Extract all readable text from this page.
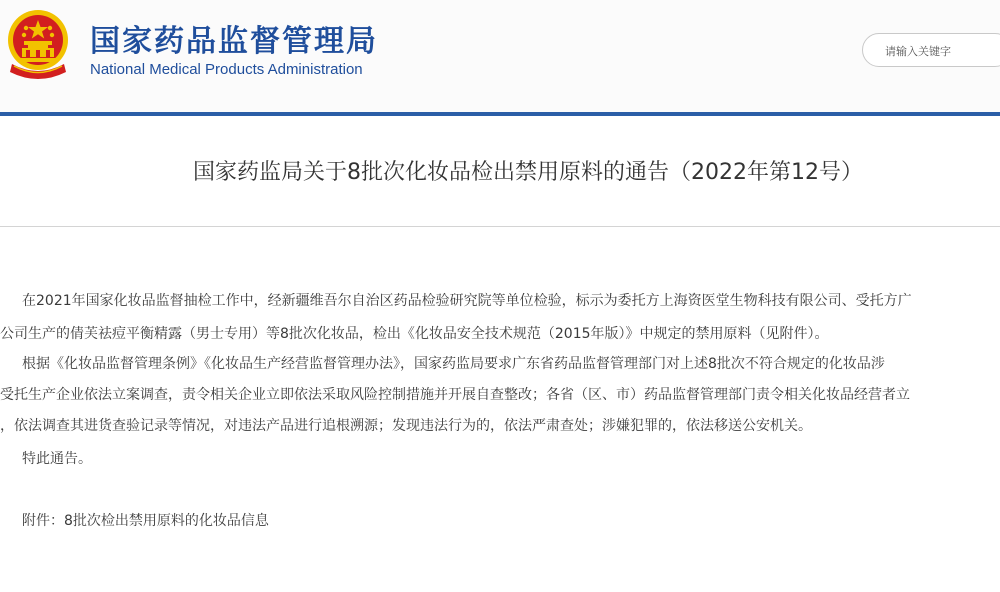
国家药品监督管理局
National Medical Products Administration
请输入关键字
国家药监局关于8批次化妆品检出禁用原料的通告（2022年第12号）
在2021年国家化妆品监督抽检工作中，经新疆维吾尔自治区药品检验研究院等单位检验，标示为委托方上海资医堂生物科技有限公司、受托方广
公司生产的倩芙祛痘平衡精露（男士专用）等8批次化妆品，检出《化妆品安全技术规范（2015年版）》中规定的禁用原料（见附件）。
根据《化妆品监督管理条例》《化妆品生产经营监督管理办法》，国家药监局要求广东省药品监督管理部门对上述8批次不符合规定的化妆品涉
受托生产企业依法立案调查，责令相关企业立即依法采取风险控制措施并开展自查整改；各省（区、市）药品监督管理部门责令相关化妆品经营者立
，依法调查其进货查验记录等情况，对违法产品进行追根溯源；发现违法行为的，依法严肃查处；涉嫌犯罪的，依法移送公安机关。
特此通告。
附件：8批次检出禁用原料的化妆品信息
